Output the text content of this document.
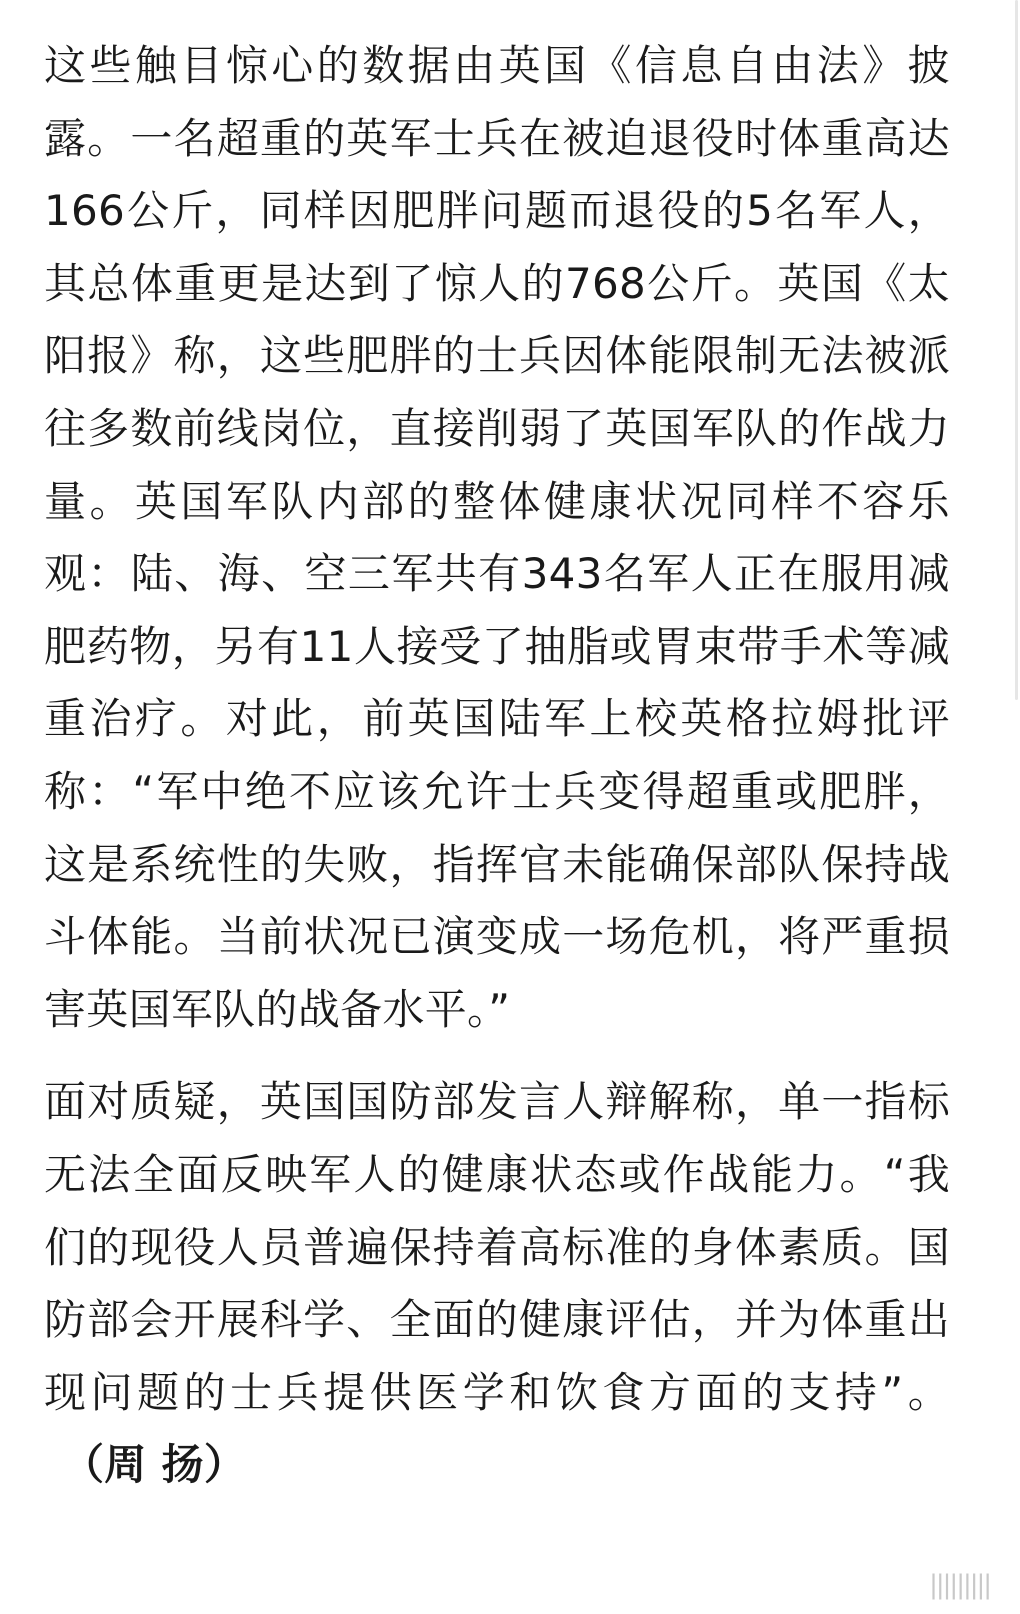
这些触目惊心的数据由英国《信息自由法》披露。一名超重的英军士兵在被迫退役时体重高达166公斤，同样因肥胖问题而退役的5名军人，其总体重更是达到了惊人的768公斤。英国《太阳报》称，这些肥胖的士兵因体能限制无法被派往多数前线岗位，直接削弱了英国军队的作战力量。英国军队内部的整体健康状况同样不容乐观：陆、海、空三军共有343名军人正在服用减肥药物，另有11人接受了抽脂或胃束带手术等减重治疗。对此，前英国陆军上校英格拉姆批评称：“军中绝不应该允许士兵变得超重或肥胖，这是系统性的失败，指挥官未能确保部队保持战斗体能。当前状况已演变成一场危机，将严重损害英国军队的战备水平。”

面对质疑，英国国防部发言人辩解称，单一指标无法全面反映军人的健康状态或作战能力。“我们的现役人员普遍保持着高标准的身体素质。国防部会开展科学、全面的健康评估，并为体重出现问题的士兵提供医学和饮食方面的支持”。（周 扬）

|||||||||
